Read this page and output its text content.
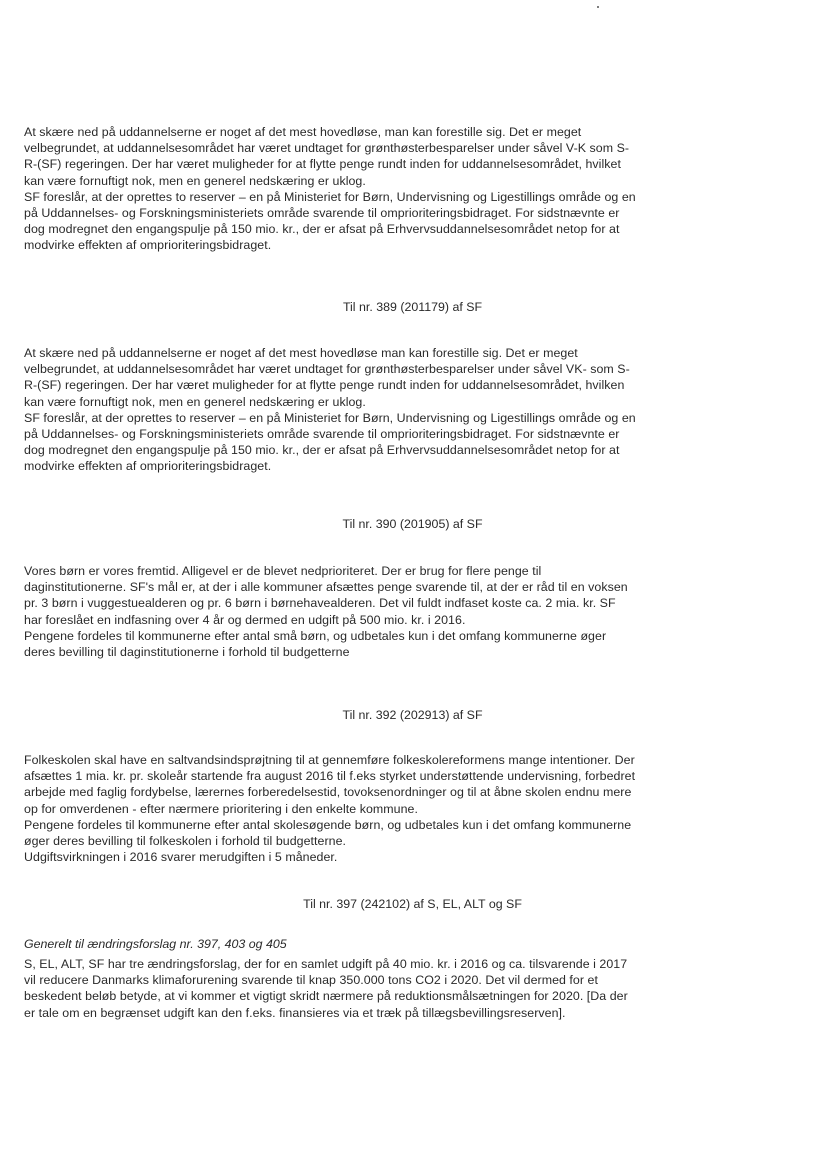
At skære ned på uddannelserne er noget af det mest hovedløse, man kan forestille sig. Det er meget
velbegrundet, at uddannelsesområdet har været undtaget for grønthøsterbesparelser under såvel V-K som S-
R-(SF) regeringen. Der har været muligheder for at flytte penge rundt inden for uddannelsesområdet, hvilket
kan være fornuftigt nok, men en generel nedskæring er uklog.
SF foreslår, at der oprettes to reserver – en på Ministeriet for Børn, Undervisning og Ligestillings område og en
på Uddannelses- og Forskningsministeriets område svarende til omprioriteringsbidraget. For sidstnævnte er
dog modregnet den engangspulje på 150 mio. kr., der er afsat på Erhvervsuddannelsesområdet netop for at
modvirke effekten af omprioriteringsbidraget.
Til nr. 389 (201179) af SF
At skære ned på uddannelserne er noget af det mest hovedløse man kan forestille sig. Det er meget
velbegrundet, at uddannelsesområdet har været undtaget for grønthøsterbesparelser under såvel VK- som S-
R-(SF) regeringen. Der har været muligheder for at flytte penge rundt inden for uddannelsesområdet, hvilken
kan være fornuftigt nok, men en generel nedskæring er uklog.
SF foreslår, at der oprettes to reserver – en på Ministeriet for Børn, Undervisning og Ligestillings område og en
på Uddannelses- og Forskningsministeriets område svarende til omprioriteringsbidraget. For sidstnævnte er
dog modregnet den engangspulje på 150 mio. kr., der er afsat på Erhvervsuddannelsesområdet netop for at
modvirke effekten af omprioriteringsbidraget.
Til nr. 390 (201905) af SF
Vores børn er vores fremtid. Alligevel er de blevet nedprioriteret. Der er brug for flere penge til
daginstitutionerne. SF's mål er, at der i alle kommuner afsættes penge svarende til, at der er råd til en voksen
pr. 3 børn i vuggestuealderen og pr. 6 børn i børnehavealderen. Det vil fuldt indfaset koste ca. 2 mia. kr. SF
har foreslået en indfasning over 4 år og dermed en udgift på 500 mio. kr. i 2016.
Pengene fordeles til kommunerne efter antal små børn, og udbetales kun i det omfang kommunerne øger
deres bevilling til daginstitutionerne i forhold til budgetterne
Til nr. 392 (202913) af SF
Folkeskolen skal have en saltvandsindsprøjtning til at gennemføre folkeskolereformens mange intentioner. Der
afsættes 1 mia. kr. pr. skoleår startende fra august 2016 til f.eks styrket understøttende undervisning, forbedret
arbejde med faglig fordybelse, lærernes forberedelsestid, tovoksenordninger og til at åbne skolen endnu mere
op for omverdenen - efter nærmere prioritering i den enkelte kommune.
Pengene fordeles til kommunerne efter antal skolesøgende børn, og udbetales kun i det omfang kommunerne
øger deres bevilling til folkeskolen i forhold til budgetterne.
Udgiftsvirkningen i 2016 svarer merudgiften i 5 måneder.
Til nr. 397 (242102) af S, EL, ALT og SF

Generelt til ændringsforslag nr. 397, 403 og 405

S, EL, ALT, SF har tre ændringsforslag, der for en samlet udgift på 40 mio. kr. i 2016 og ca. tilsvarende i 2017
vil reducere Danmarks klimaforurening svarende til knap 350.000 tons CO2 i 2020. Det vil dermed for et
beskedent beløb betyde, at vi kommer et vigtigt skridt nærmere på reduktionsmålsætningen for 2020. [Da der
er tale om en begrænset udgift kan den f.eks. finansieres via et træk på tillægsbevillingsreserven].
